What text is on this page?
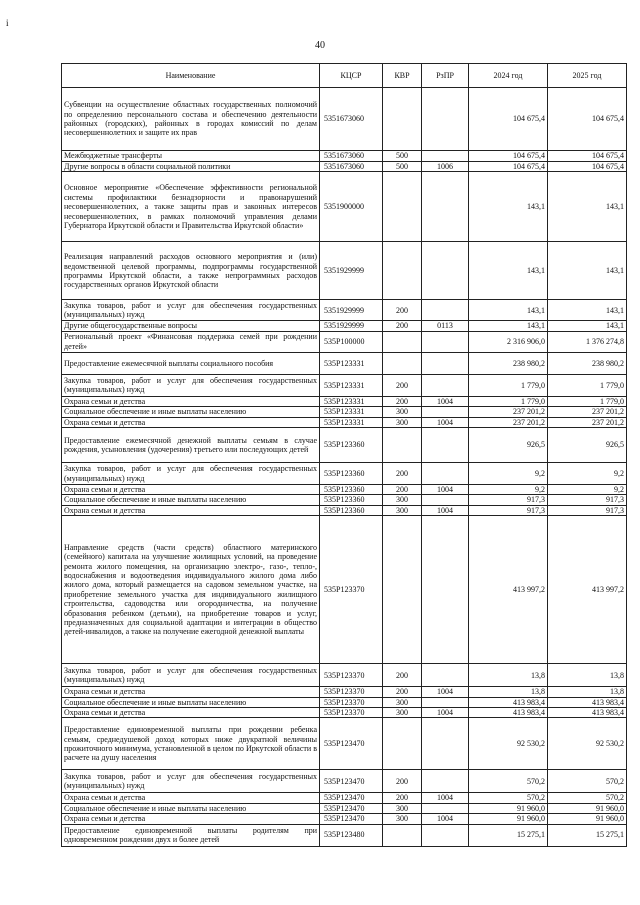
i
40
Наименование	КЦСР	КВР	РзПР	2024 год	2025 год
Субвенции на осуществление областных государственных полномочий по определению персонального состава и обеспечению деятельности районных (городских), районных в городах комиссий по делам несовершеннолетних и защите их прав	5351673060			104 675,4	104 675,4
Межбюджетные трансферты	5351673060	500		104 675,4	104 675,4
Другие вопросы в области социальной политики	5351673060	500	1006	104 675,4	104 675,4
Основное мероприятие «Обеспечение эффективности региональной системы профилактики безнадзорности и правонарушений несовершеннолетних, а также защиты прав и законных интересов несовершеннолетних, в рамках полномочий управления делами Губернатора Иркутской области и Правительства Иркутской области»	5351900000			143,1	143,1
Реализация направлений расходов основного мероприятия и (или) ведомственной целевой программы, подпрограммы государственной программы Иркутской области, а также непрограммных расходов государственных органов Иркутской области	5351929999			143,1	143,1
Закупка товаров, работ и услуг для обеспечения государственных (муниципальных) нужд	5351929999	200		143,1	143,1
Другие общегосударственные вопросы	5351929999	200	0113	143,1	143,1
Региональный проект «Финансовая поддержка семей при рождении детей»	535P100000			2 316 906,0	1 376 274,8
Предоставление ежемесячной выплаты социального пособия	535P123331			238 980,2	238 980,2
Закупка товаров, работ и услуг для обеспечения государственных (муниципальных) нужд	535P123331	200		1 779,0	1 779,0
Охрана семьи и детства	535P123331	200	1004	1 779,0	1 779,0
Социальное обеспечение и иные выплаты населению	535P123331	300		237 201,2	237 201,2
Охрана семьи и детства	535P123331	300	1004	237 201,2	237 201,2
Предоставление ежемесячной денежной выплаты семьям в случае рождения, усыновления (удочерения) третьего или последующих детей	535P123360			926,5	926,5
Закупка товаров, работ и услуг для обеспечения государственных (муниципальных) нужд	535P123360	200		9,2	9,2
Охрана семьи и детства	535P123360	200	1004	9,2	9,2
Социальное обеспечение и иные выплаты населению	535P123360	300		917,3	917,3
Охрана семьи и детства	535P123360	300	1004	917,3	917,3
Направление средств (части средств) областного материнского (семейного) капитала на улучшение жилищных условий, на проведение ремонта жилого помещения, на организацию электро-, газо-, тепло-, водоснабжения и водоотведения индивидуального жилого дома либо жилого дома, который размещается на садовом земельном участке, на приобретение земельного участка для индивидуального жилищного строительства, садоводства или огородничества, на получение образования ребенком (детьми), на приобретение товаров и услуг, предназначенных для социальной адаптации и интеграции в общество детей-инвалидов, а также на получение ежегодной денежной выплаты	535P123370			413 997,2	413 997,2
Закупка товаров, работ и услуг для обеспечения государственных (муниципальных) нужд	535P123370	200		13,8	13,8
Охрана семьи и детства	535P123370	200	1004	13,8	13,8
Социальное обеспечение и иные выплаты населению	535P123370	300		413 983,4	413 983,4
Охрана семьи и детства	535P123370	300	1004	413 983,4	413 983,4
Предоставление единовременной выплаты при рождении ребенка семьям, среднедушевой доход которых ниже двукратной величины прожиточного минимума, установленной в целом по Иркутской области в расчете на душу населения	535P123470			92 530,2	92 530,2
Закупка товаров, работ и услуг для обеспечения государственных (муниципальных) нужд	535P123470	200		570,2	570,2
Охрана семьи и детства	535P123470	200	1004	570,2	570,2
Социальное обеспечение и иные выплаты населению	535P123470	300		91 960,0	91 960,0
Охрана семьи и детства	535P123470	300	1004	91 960,0	91 960,0
Предоставление единовременной выплаты родителям при одновременном рождении двух и более детей	535P123480			15 275,1	15 275,1
